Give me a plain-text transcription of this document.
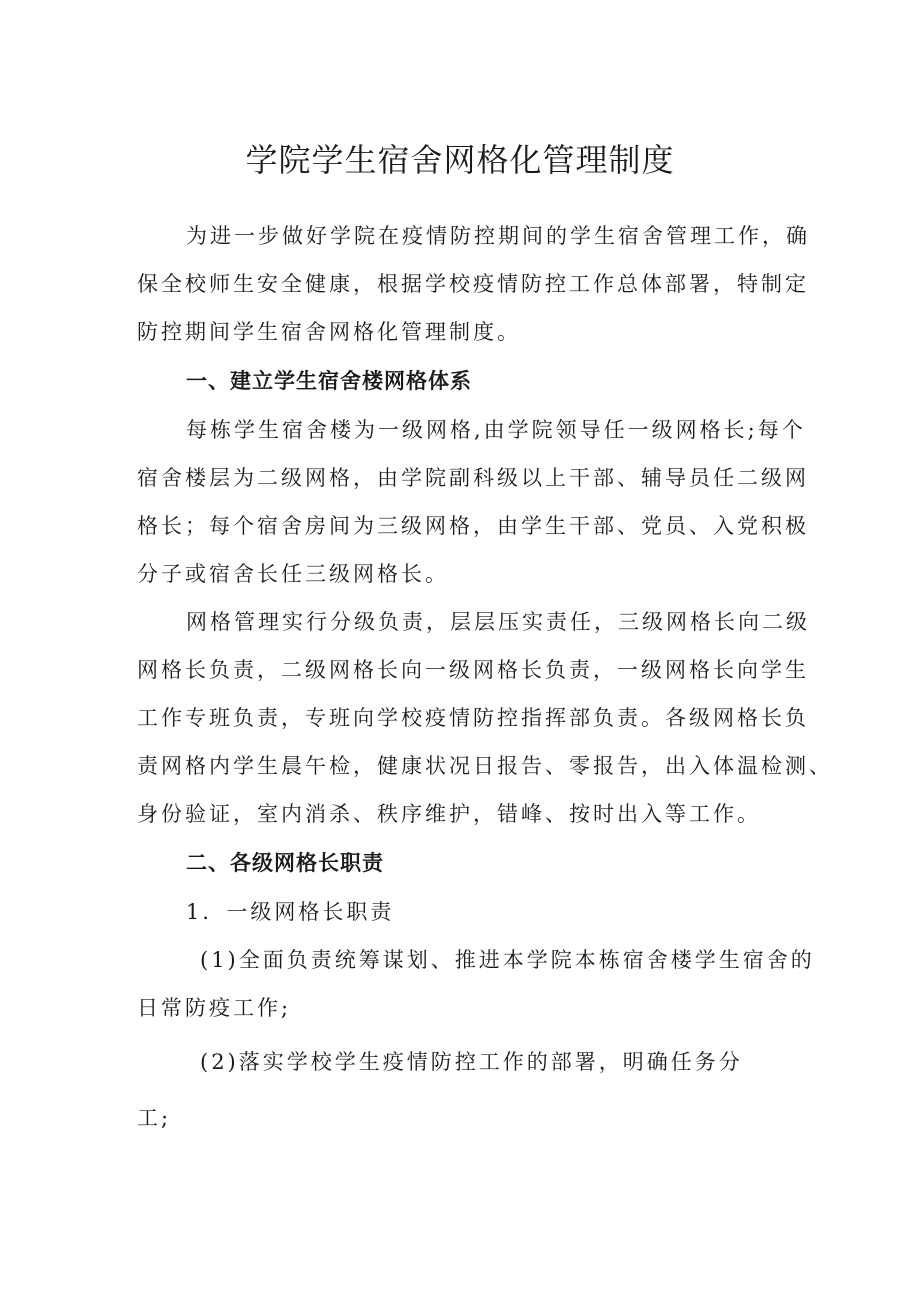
学院学生宿舍网格化管理制度
为进一步做好学院在疫情防控期间的学生宿舍管理工作，确
保全校师生安全健康，根据学校疫情防控工作总体部署，特制定
防控期间学生宿舍网格化管理制度。
一、建立学生宿舍楼网格体系
每栋学生宿舍楼为一级网格,由学院领导任一级网格长;每个
宿舍楼层为二级网格，由学院副科级以上干部、辅导员任二级网
格长；每个宿舍房间为三级网格，由学生干部、党员、入党积极
分子或宿舍长任三级网格长。
网格管理实行分级负责，层层压实责任，三级网格长向二级
网格长负责，二级网格长向一级网格长负责，一级网格长向学生
工作专班负责，专班向学校疫情防控指挥部负责。各级网格长负
责网格内学生晨午检，健康状况日报告、零报告，出入体温检测、
身份验证，室内消杀、秩序维护，错峰、按时出入等工作。
二、各级网格长职责
1．一级网格长职责
(1)全面负责统筹谋划、推进本学院本栋宿舍楼学生宿舍的
日常防疫工作;
(2)落实学校学生疫情防控工作的部署，明确任务分
工;
